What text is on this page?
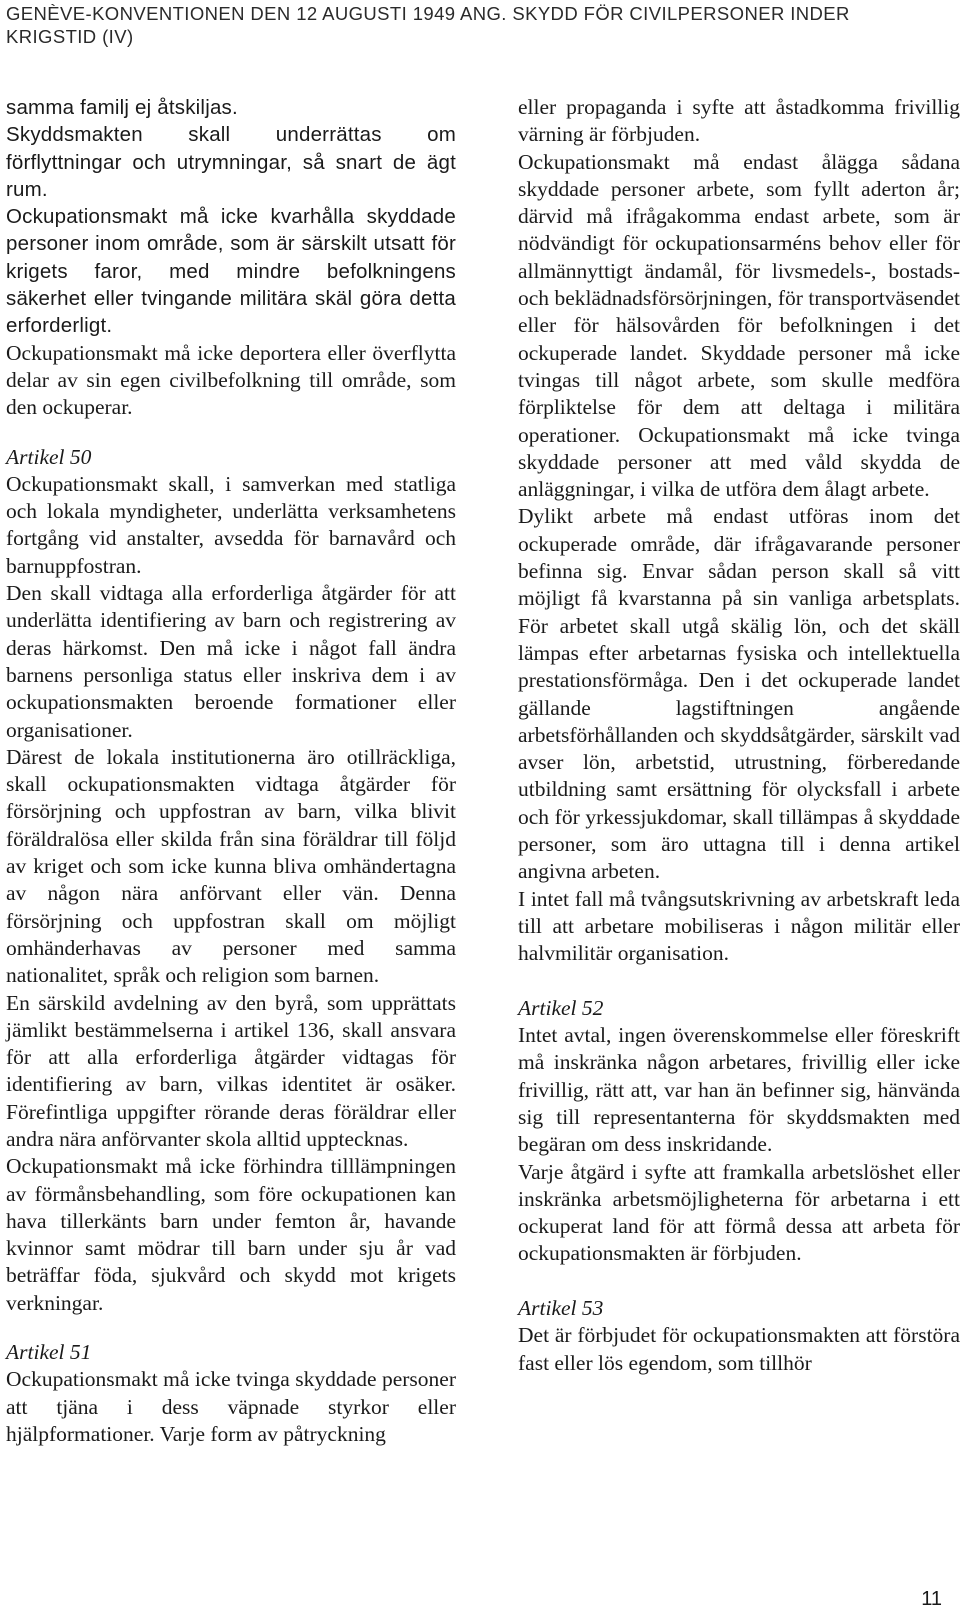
GENÈVE-KONVENTIONEN DEN 12 AUGUSTI 1949 ANG. SKYDD FÖR CIVILPERSONER INDER
KRIGSTID (IV)

samma familj ej åtskiljas.

Skyddsmakten skall underrättas om förflyttningar och utrymningar, så snart de ägt rum.

Ockupationsmakt må icke kvarhålla skyddade personer inom område, som är särskilt utsatt för krigets faror, med mindre befolkningens säkerhet eller tvingande militära skäl göra detta erforderligt.

Ockupationsmakt må icke deportera eller överflytta delar av sin egen civilbefolkning till område, som den ockuperar.

Artikel 50

Ockupationsmakt skall, i samverkan med statliga och lokala myndigheter, underlätta verksamhetens fortgång vid anstalter, avsedda för barnavård och barnuppfostran.

Den skall vidtaga alla erforderliga åtgärder för att underlätta identifiering av barn och registrering av deras härkomst. Den må icke i något fall ändra barnens personliga status eller inskriva dem i av ockupationsmakten beroende formationer eller organisationer.

Därest de lokala institutionerna äro otillräckliga, skall ockupationsmakten vidtaga åtgärder för försörjning och uppfostran av barn, vilka blivit föräldralösa eller skilda från sina föräldrar till följd av kriget och som icke kunna bliva omhändertagna av någon nära anförvant eller vän. Denna försörjning och uppfostran skall om möjligt omhänderhavas av personer med samma nationalitet, språk och religion som barnen.

En särskild avdelning av den byrå, som upprättats jämlikt bestämmelserna i artikel 136, skall ansvara för att alla erforderliga åtgärder vidtagas för identifiering av barn, vilkas identitet är osäker. Förefintliga uppgifter rörande deras föräldrar eller andra nära anförvanter skola alltid upptecknas.

Ockupationsmakt må icke förhindra tilllämpningen av förmånsbehandling, som före ockupationen kan hava tillerkänts barn under femton år, havande kvinnor samt mödrar till barn under sju år vad beträffar föda, sjukvård och skydd mot krigets verkningar.

Artikel 51

Ockupationsmakt må icke tvinga skyddade personer att tjäna i dess väpnade styrkor eller hjälpformationer. Varje form av påtryckning

eller propaganda i syfte att åstadkomma frivillig värning är förbjuden.

Ockupationsmakt må endast ålägga sådana skyddade personer arbete, som fyllt aderton år; därvid må ifrågakomma endast arbete, som är nödvändigt för ockupationsarméns behov eller för allmännyttigt ändamål, för livsmedels-, bostads- och beklädnadsförsörjningen, för transportväsendet eller för hälsovården för befolkningen i det ockuperade landet. Skyddade personer må icke tvingas till något arbete, som skulle medföra förpliktelse för dem att deltaga i militära operationer. Ockupationsmakt må icke tvinga skyddade personer att med våld skydda de anläggningar, i vilka de utföra dem ålagt arbete.

Dylikt arbete må endast utföras inom det ockuperade område, där ifrågavarande personer befinna sig. Envar sådan person skall så vitt möjligt få kvarstanna på sin vanliga arbetsplats. För arbetet skall utgå skälig lön, och det skäll lämpas efter arbetarnas fysiska och intellektuella prestationsförmåga. Den i det ockuperade landet gällande lagstiftningen angående arbetsförhållanden och skyddsåtgärder, särskilt vad avser lön, arbetstid, utrustning, förberedande utbildning samt ersättning för olycksfall i arbete och för yrkessjukdomar, skall tillämpas å skyddade personer, som äro uttagna till i denna artikel angivna arbeten.

I intet fall må tvångsutskrivning av arbetskraft leda till att arbetare mobiliseras i någon militär eller halvmilitär organisation.

Artikel 52

Intet avtal, ingen överenskommelse eller föreskrift må inskränka någon arbetares, frivillig eller icke frivillig, rätt att, var han än befinner sig, hänvända sig till representanterna för skyddsmakten med begäran om dess inskridande.

Varje åtgärd i syfte att framkalla arbetslöshet eller inskränka arbetsmöjligheterna för arbetarna i ett ockuperat land för att förmå dessa att arbeta för ockupationsmakten är förbjuden.

Artikel 53

Det är förbjudet för ockupationsmakten att förstöra fast eller lös egendom, som tillhör

11
